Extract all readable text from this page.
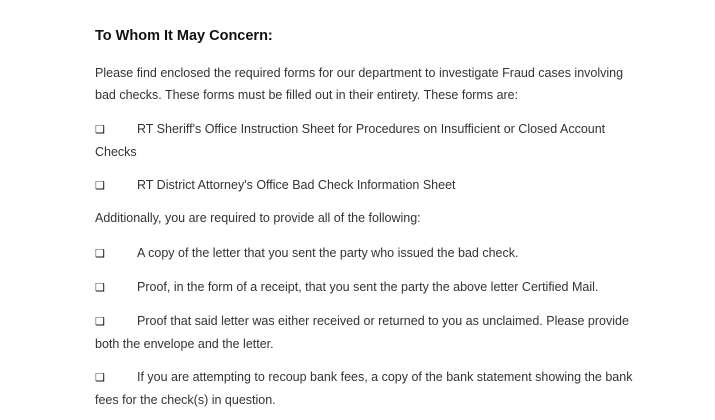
To Whom It May Concern:
Please find enclosed the required forms for our department to investigate Fraud cases involving bad checks. These forms must be filled out in their entirety. These forms are:
❑	RT Sheriff's Office Instruction Sheet for Procedures on Insufficient or Closed Account Checks
❑	RT District Attorney's Office Bad Check Information Sheet
Additionally, you are required to provide all of the following:
❑	A copy of the letter that you sent the party who issued the bad check.
❑	Proof, in the form of a receipt, that you sent the party the above letter Certified Mail.
❑	Proof that said letter was either received or returned to you as unclaimed. Please provide both the envelope and the letter.
❑	If you are attempting to recoup bank fees, a copy of the bank statement showing the bank fees for the check(s) in question.
